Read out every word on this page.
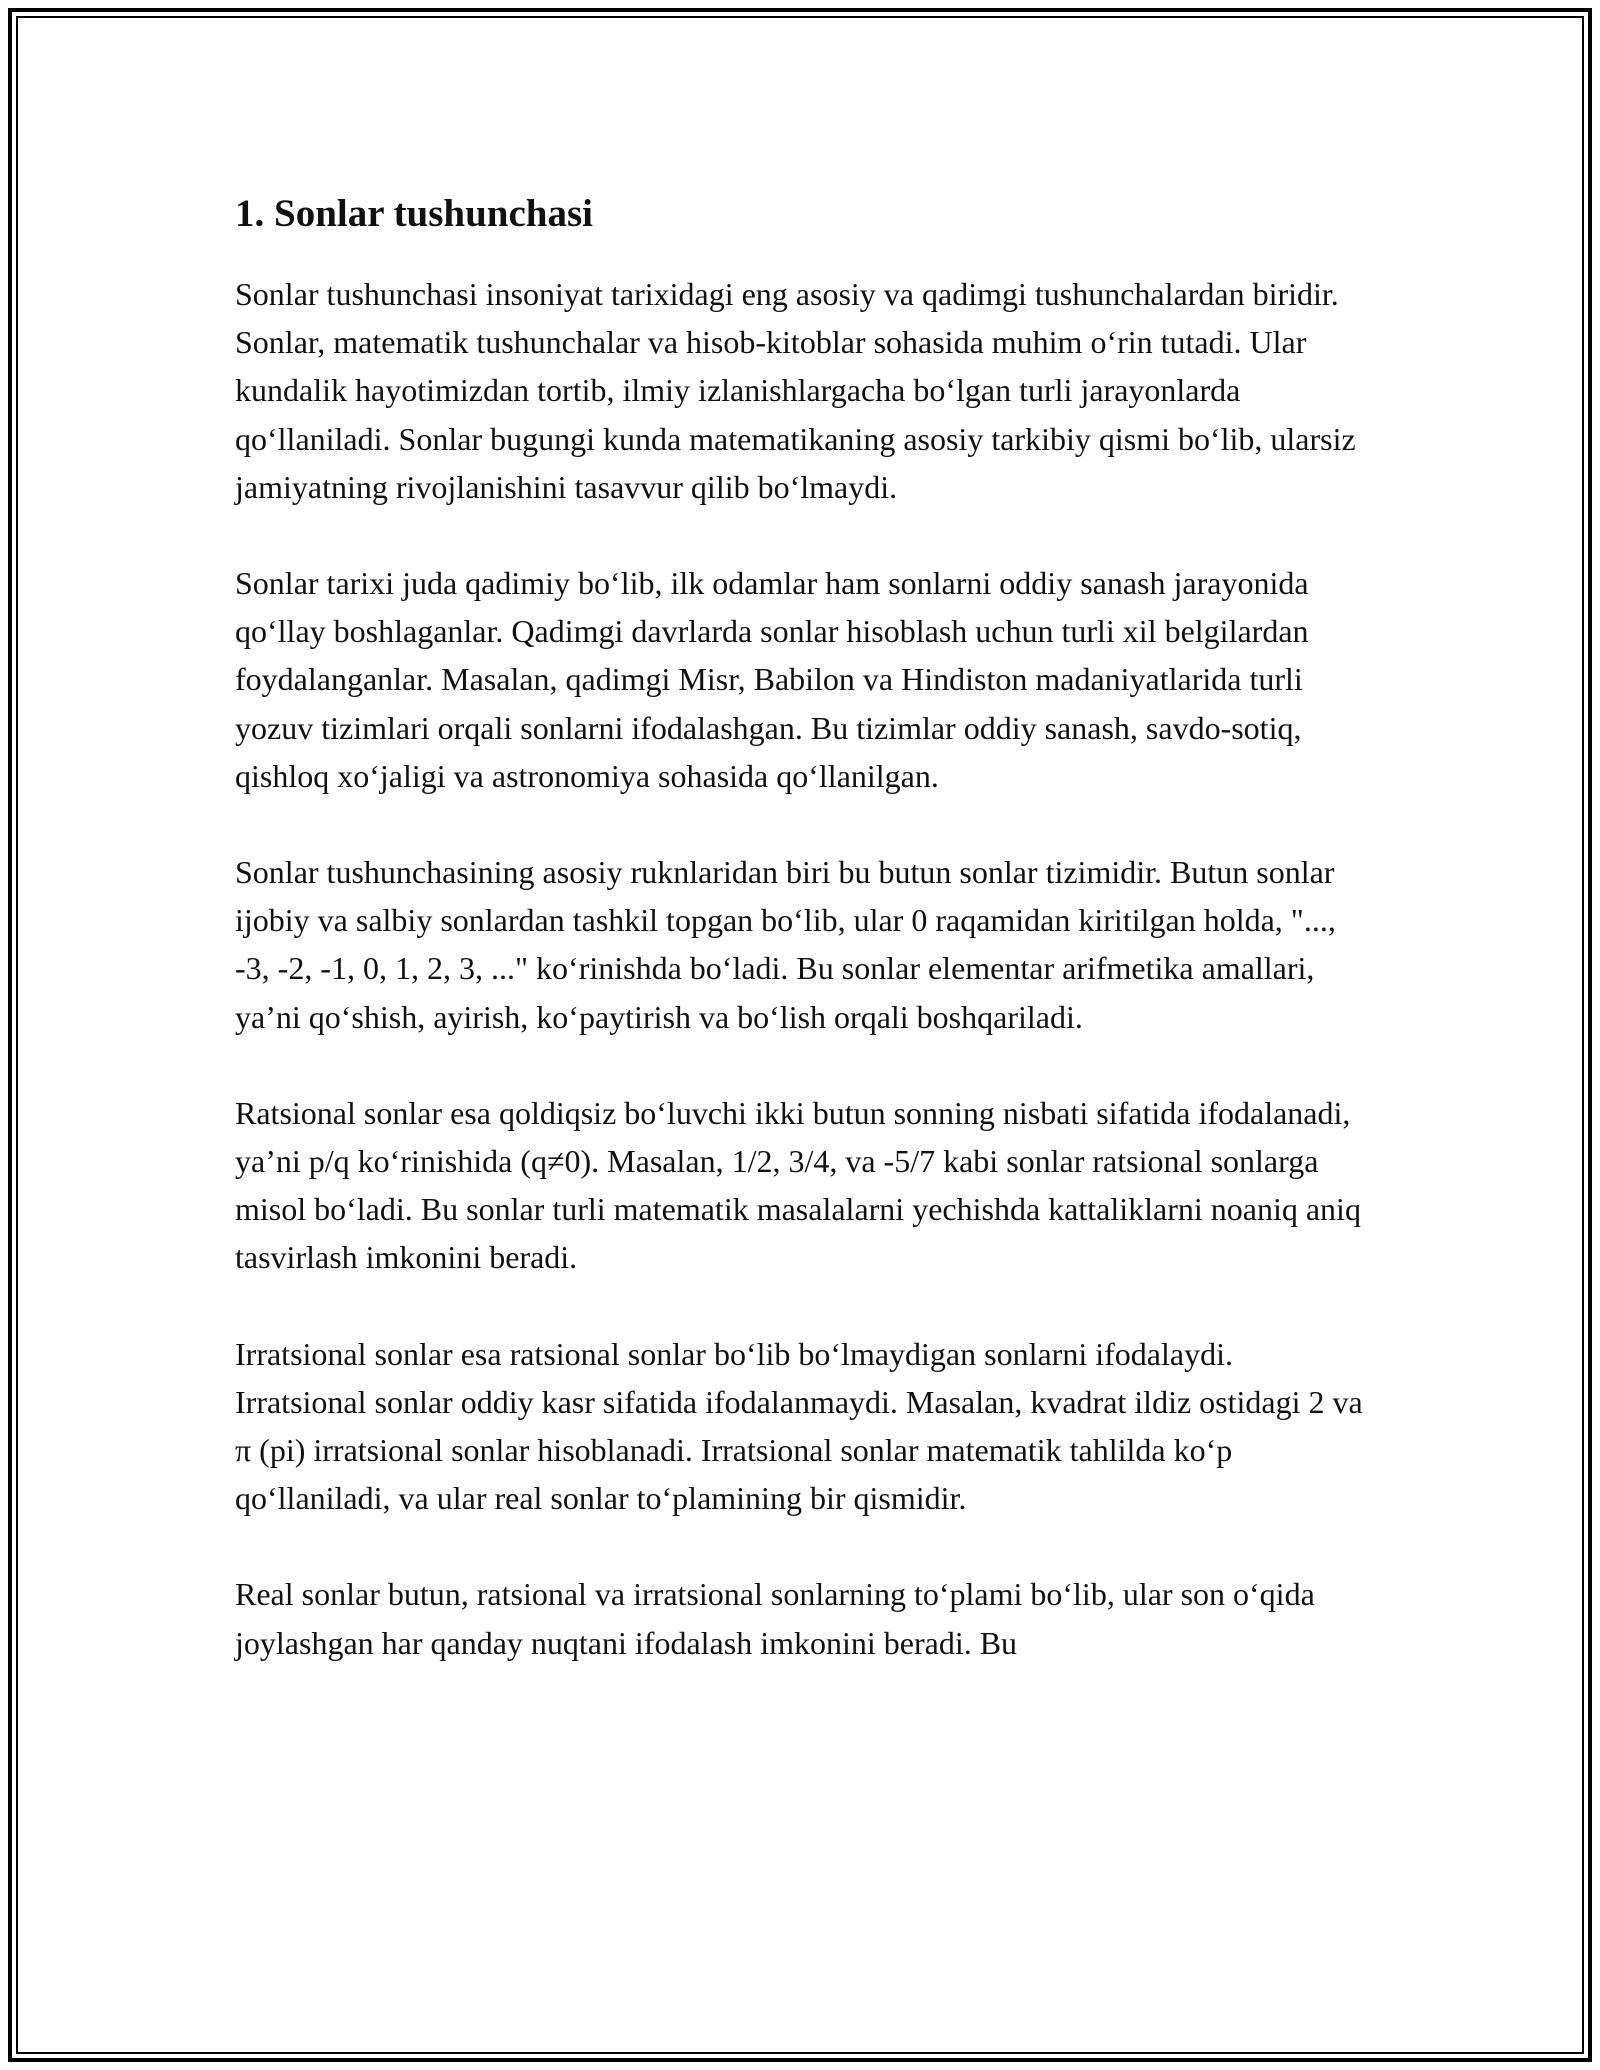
1. Sonlar tushunchasi

Sonlar tushunchasi insoniyat tarixidagi eng asosiy va qadimgi tushunchalardan biridir. Sonlar, matematik tushunchalar va hisob-kitoblar sohasida muhim o‘rin tutadi. Ular kundalik hayotimizdan tortib, ilmiy izlanishlargacha bo‘lgan turli jarayonlarda qo‘llaniladi. Sonlar bugungi kunda matematikaning asosiy tarkibiy qismi bo‘lib, ularsiz jamiyatning rivojlanishini tasavvur qilib bo‘lmaydi.

Sonlar tarixi juda qadimiy bo‘lib, ilk odamlar ham sonlarni oddiy sanash jarayonida qo‘llay boshlaganlar. Qadimgi davrlarda sonlar hisoblash uchun turli xil belgilardan foydalanganlar. Masalan, qadimgi Misr, Babilon va Hindiston madaniyatlarida turli yozuv tizimlari orqali sonlarni ifodalashgan. Bu tizimlar oddiy sanash, savdo-sotiq, qishloq xo‘jaligi va astronomiya sohasida qo‘llanilgan.

Sonlar tushunchasining asosiy ruknlaridan biri bu butun sonlar tizimidir. Butun sonlar ijobiy va salbiy sonlardan tashkil topgan bo‘lib, ular 0 raqamidan kiritilgan holda, "..., -3, -2, -1, 0, 1, 2, 3, ..." ko‘rinishda bo‘ladi. Bu sonlar elementar arifmetika amallari, ya’ni qo‘shish, ayirish, ko‘paytirish va bo‘lish orqali boshqariladi.

Ratsional sonlar esa qoldiqsiz bo‘luvchi ikki butun sonning nisbati sifatida ifodalanadi, ya’ni p/q ko‘rinishida (q≠0). Masalan, 1/2, 3/4, va -5/7 kabi sonlar ratsional sonlarga misol bo‘ladi. Bu sonlar turli matematik masalalarni yechishda kattaliklarni noaniq aniq tasvirlash imkonini beradi.

Irratsional sonlar esa ratsional sonlar bo‘lib bo‘lmaydigan sonlarni ifodalaydi. Irratsional sonlar oddiy kasr sifatida ifodalanmaydi. Masalan, kvadrat ildiz ostidagi 2 va π (pi) irratsional sonlar hisoblanadi. Irratsional sonlar matematik tahlilda ko‘p qo‘llaniladi, va ular real sonlar to‘plamining bir qismidir.

Real sonlar butun, ratsional va irratsional sonlarning to‘plami bo‘lib, ular son o‘qida joylashgan har qanday nuqtani ifodalash imkonini beradi. Bu
